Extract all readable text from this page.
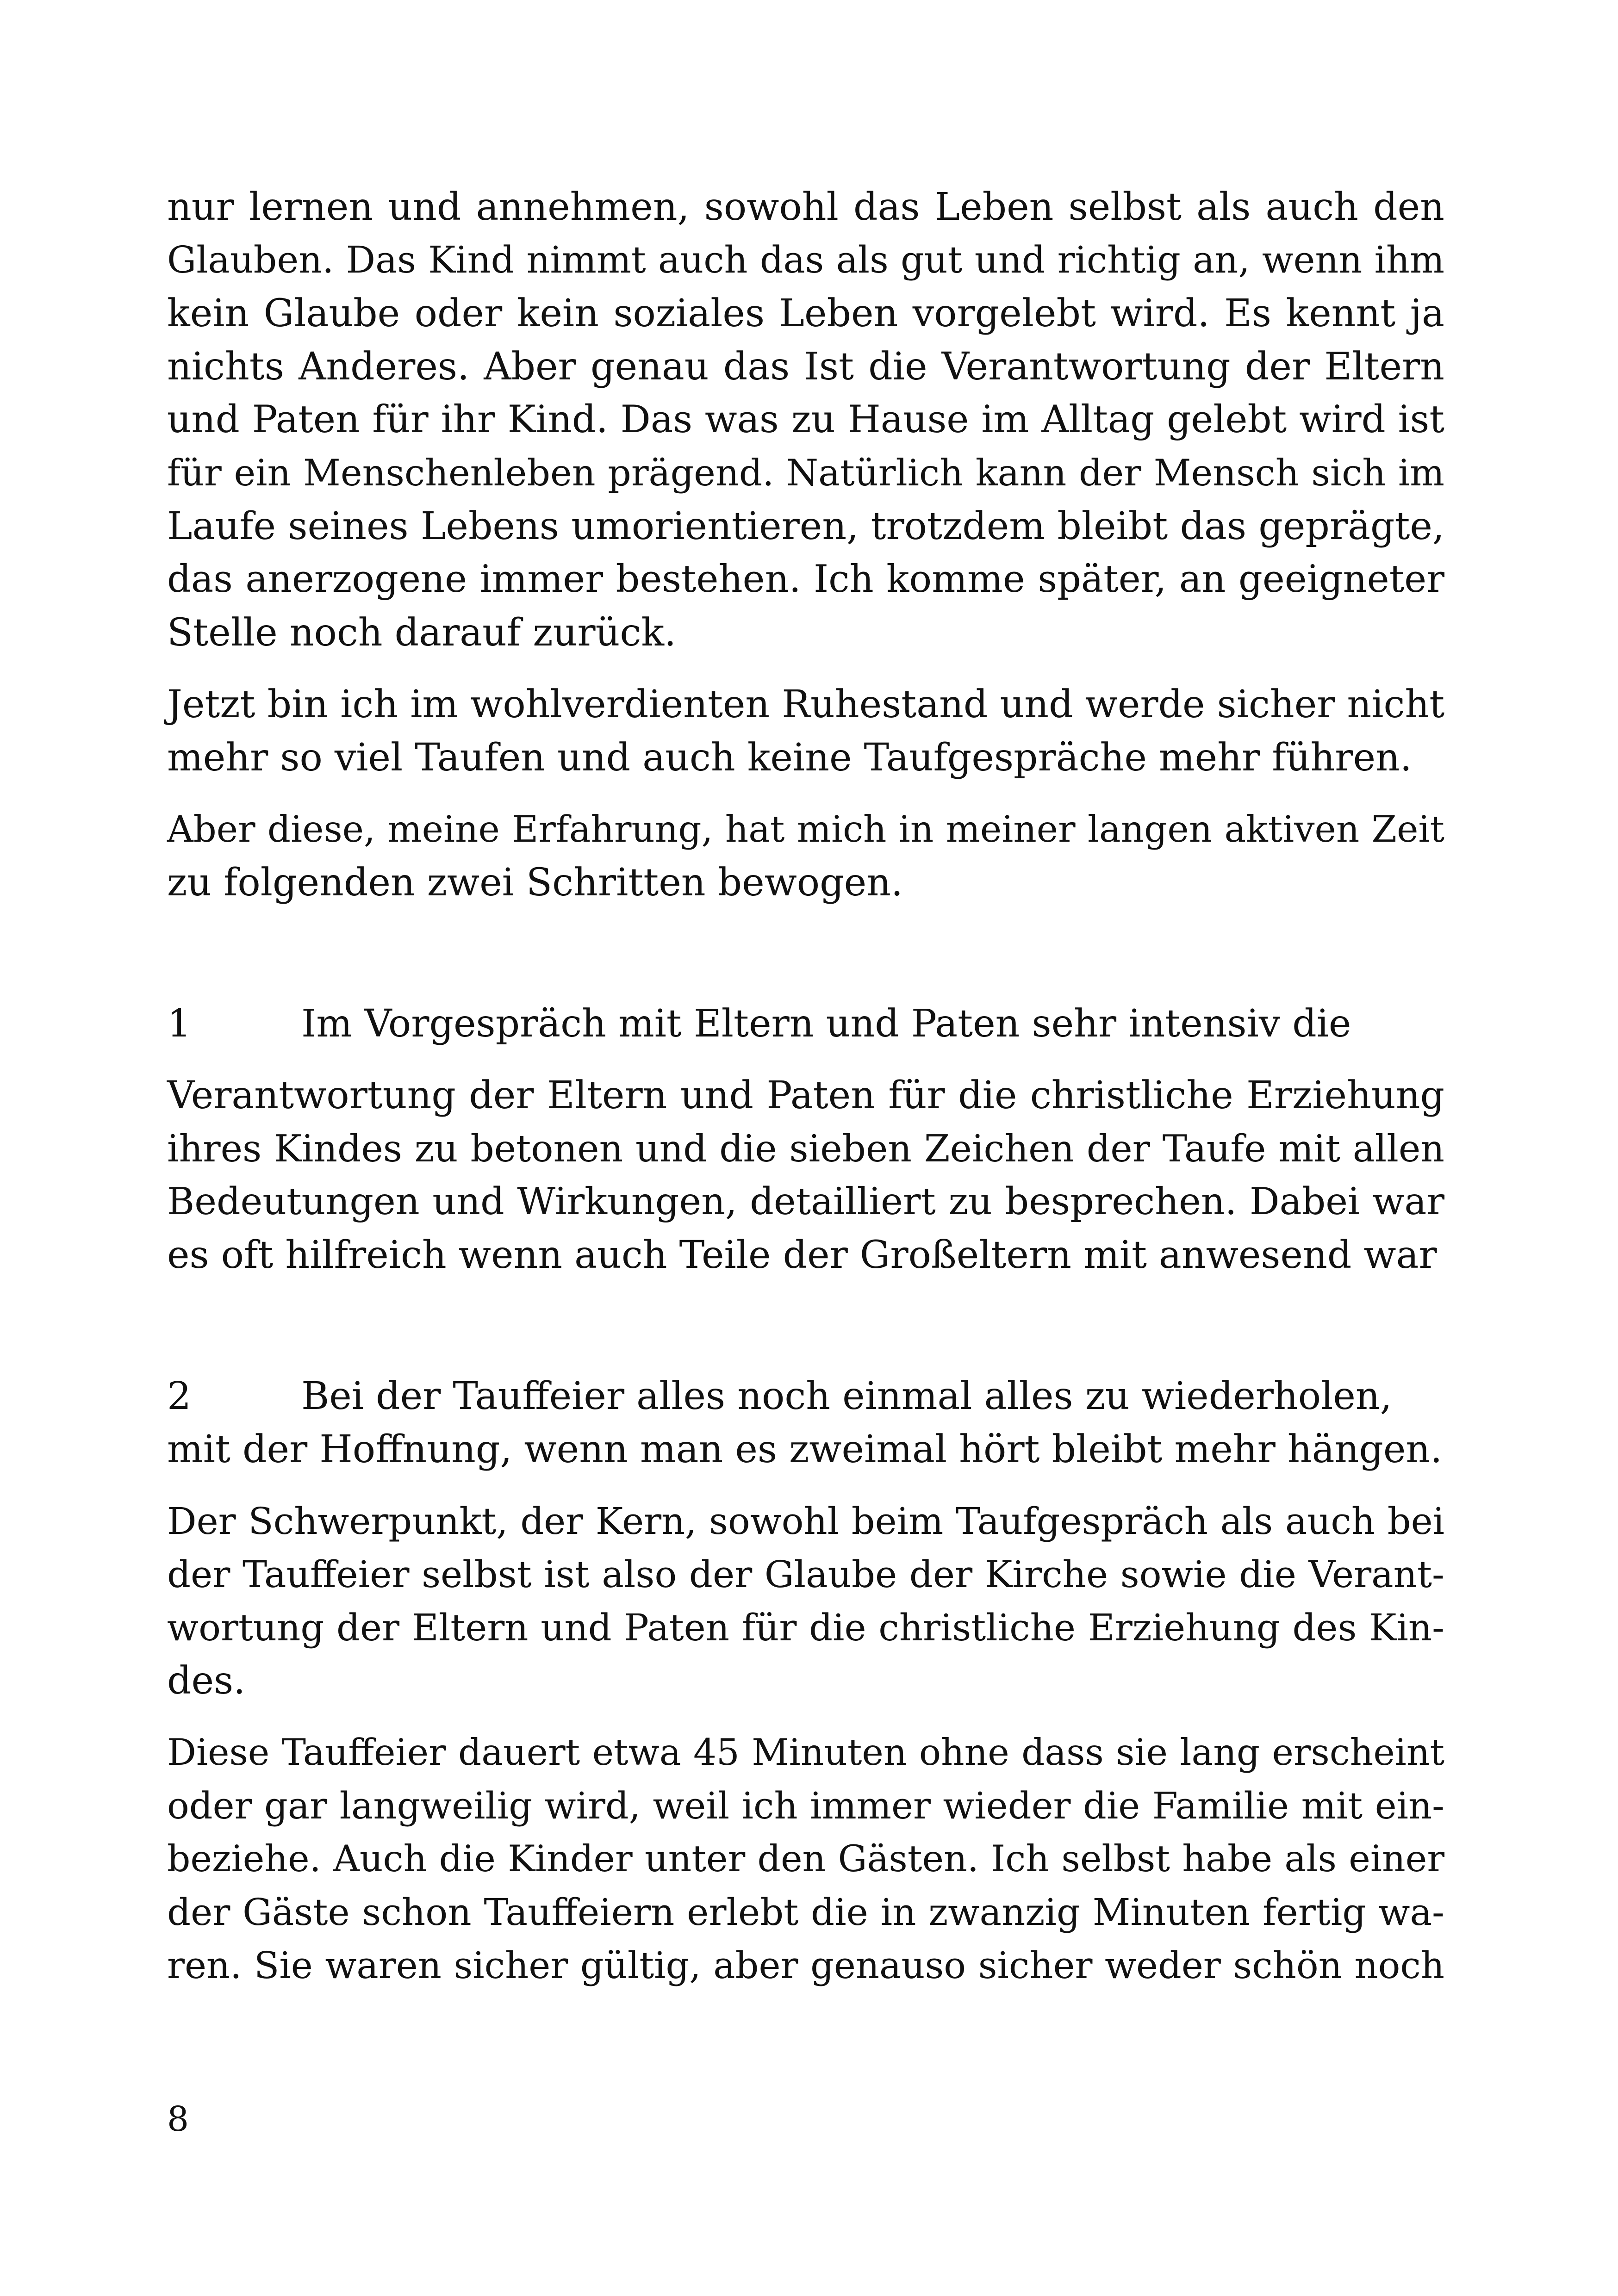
nur lernen und annehmen, sowohl das Leben selbst als auch den
Glauben. Das Kind nimmt auch das als gut und richtig an, wenn ihm
kein Glaube oder kein soziales Leben vorgelebt wird. Es kennt ja
nichts Anderes. Aber genau das Ist die Verantwortung der Eltern
und Paten für ihr Kind. Das was zu Hause im Alltag gelebt wird ist
für ein Menschenleben prägend. Natürlich kann der Mensch sich im
Laufe seines Lebens umorientieren, trotzdem bleibt das geprägte,
das anerzogene immer bestehen. Ich komme später, an geeigneter
Stelle noch darauf zurück.
Jetzt bin ich im wohlverdienten Ruhestand und werde sicher nicht
mehr so viel Taufen und auch keine Taufgespräche mehr führen.
Aber diese, meine Erfahrung, hat mich in meiner langen aktiven Zeit
zu folgenden zwei Schritten bewogen.
1	Im Vorgespräch mit Eltern und Paten sehr intensiv die
Verantwortung der Eltern und Paten für die christliche Erziehung
ihres Kindes zu betonen und die sieben Zeichen der Taufe mit allen
Bedeutungen und Wirkungen, detailliert zu besprechen. Dabei war
es oft hilfreich wenn auch Teile der Großeltern mit anwesend war
2	Bei der Tauffeier alles noch einmal alles zu wiederholen,
mit der Hoffnung, wenn man es zweimal hört bleibt mehr hängen.
Der Schwerpunkt, der Kern, sowohl beim Taufgespräch als auch bei
der Tauffeier selbst ist also der Glaube der Kirche sowie die Verant-
wortung der Eltern und Paten für die christliche Erziehung des Kin-
des.
Diese Tauffeier dauert etwa 45 Minuten ohne dass sie lang erscheint
oder gar langweilig wird, weil ich immer wieder die Familie mit ein-
beziehe. Auch die Kinder unter den Gästen. Ich selbst habe als einer
der Gäste schon Tauffeiern erlebt die in zwanzig Minuten fertig wa-
ren. Sie waren sicher gültig, aber genauso sicher weder schön noch
8
